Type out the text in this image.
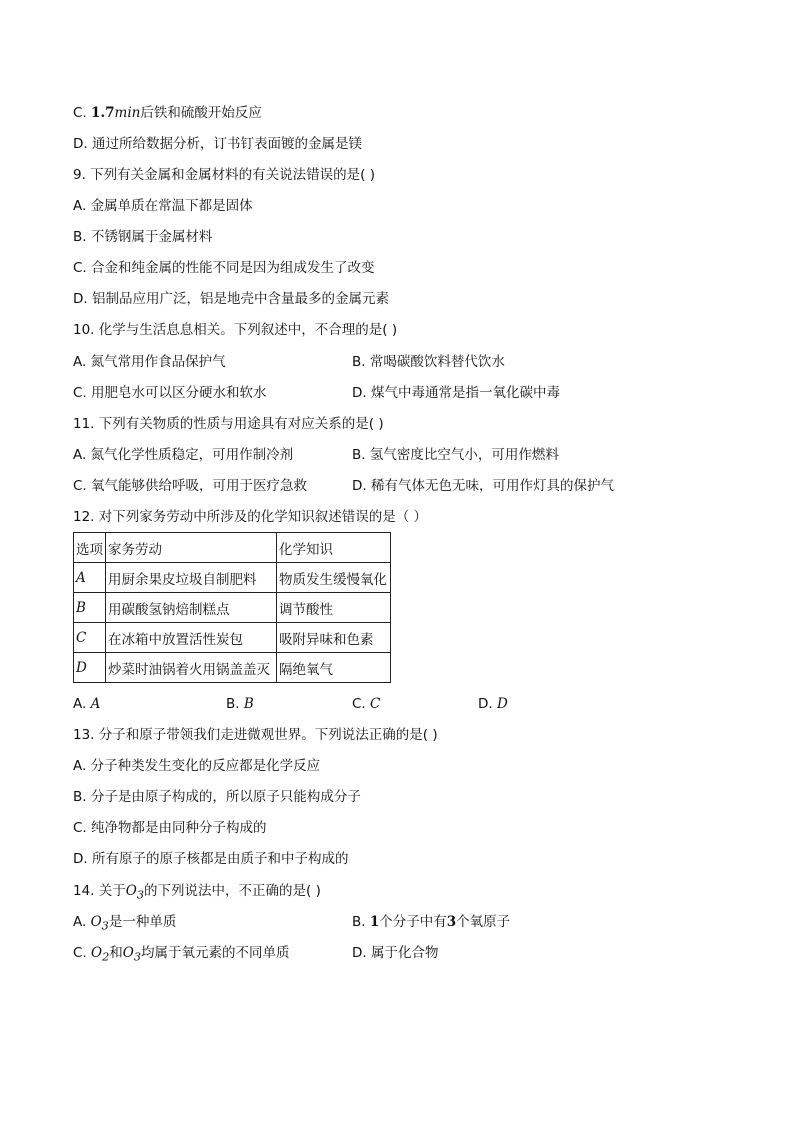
C. 1.7min后铁和硫酸开始反应
D. 通过所给数据分析，订书钉表面镀的金属是镁
9. 下列有关金属和金属材料的有关说法错误的是( )
A. 金属单质在常温下都是固体
B. 不锈钢属于金属材料
C. 合金和纯金属的性能不同是因为组成发生了改变
D. 铝制品应用广泛，铝是地壳中含量最多的金属元素
10. 化学与生活息息相关。下列叙述中，不合理的是( )
A. 氮气常用作食品保护气	B. 常喝碳酸饮料替代饮水
C. 用肥皂水可以区分硬水和软水	D. 煤气中毒通常是指一氧化碳中毒
11. 下列有关物质的性质与用途具有对应关系的是( )
A. 氮气化学性质稳定，可用作制冷剂	B. 氢气密度比空气小，可用作燃料
C. 氧气能够供给呼吸，可用于医疗急救	D. 稀有气体无色无味，可用作灯具的保护气
12. 对下列家务劳动中所涉及的化学知识叙述错误的是（ ）
选项	家务劳动	化学知识
A	用厨余果皮垃圾自制肥料	物质发生缓慢氧化
B	用碳酸氢钠焙制糕点	调节酸性
C	在冰箱中放置活性炭包	吸附异味和色素
D	炒菜时油锅着火用锅盖盖灭	隔绝氧气
A. A	B. B	C. C	D. D
13. 分子和原子带领我们走进微观世界。下列说法正确的是( )
A. 分子种类发生变化的反应都是化学反应
B. 分子是由原子构成的，所以原子只能构成分子
C. 纯净物都是由同种分子构成的
D. 所有原子的原子核都是由质子和中子构成的
14. 关于$O_3$的下列说法中，不正确的是( )
A. $O_3$是一种单质	B. 1个分子中有3个氧原子
C. $O_2$和$O_3$均属于氧元素的不同单质	D. 属于化合物
